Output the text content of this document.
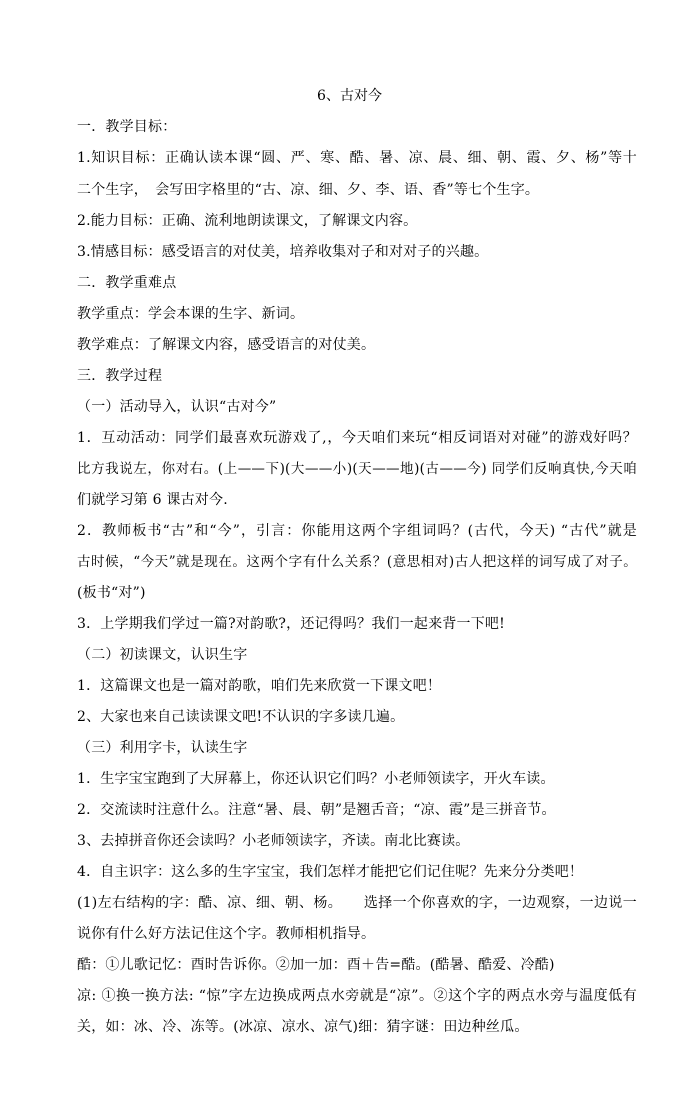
6、古对今
一．教学目标：
1.知识目标：正确认读本课“圆、严、寒、酷、暑、凉、晨、细、朝、霞、夕、杨”等十
二个生字，　会写田字格里的“古、凉、细、夕、李、语、香”等七个生字。
2.能力目标：正确、流利地朗读课文，了解课文内容。
3.情感目标：感受语言的对仗美，培养收集对子和对对子的兴趣。
二．教学重难点
教学重点：学会本课的生字、新词。
教学难点：了解课文内容，感受语言的对仗美。
三．教学过程
（一）活动导入，认识“古对今”
1．互动活动：同学们最喜欢玩游戏了,，今天咱们来玩“相反词语对对碰”的游戏好吗？
比方我说左，你对右。(上——下)(大——小)(天——地)(古——今) 同学们反响真快,今天咱
们就学习第 6 课古对今.
2．教师板书“古”和“今”，引言：你能用这两个字组词吗？(古代，今天) “古代”就是
古时候，“今天”就是现在。这两个字有什么关系？(意思相对)古人把这样的词写成了对子。
(板书“对”)
3．上学期我们学过一篇?对韵歌?，还记得吗？我们一起来背一下吧!
（二）初读课文，认识生字
1．这篇课文也是一篇对韵歌，咱们先来欣赏一下课文吧！
2、大家也来自己读读课文吧!不认识的字多读几遍。
（三）利用字卡，认读生字
1．生字宝宝跑到了大屏幕上，你还认识它们吗？小老师领读字，开火车读。
2．交流读时注意什么。注意“暑、晨、朝”是翘舌音；“凉、霞”是三拼音节。
3、去掉拼音你还会读吗？小老师领读字，齐读。南北比赛读。
4．自主识字：这么多的生字宝宝，我们怎样才能把它们记住呢？先来分分类吧！
(1)左右结构的字：酷、凉、细、朝、杨。　　选择一个你喜欢的字，一边观察，一边说一
说你有什么好方法记住这个字。教师相机指导。
酷：①儿歌记忆：酉时告诉你。②加一加：酉＋告=酷。(酷暑、酷爱、冷酷)
凉: ①换一换方法: “惊”字左边换成两点水旁就是“凉”。②这个字的两点水旁与温度低有
关，如：冰、冷、冻等。(冰凉、凉水、凉气)细：猜字谜：田边种丝瓜。
